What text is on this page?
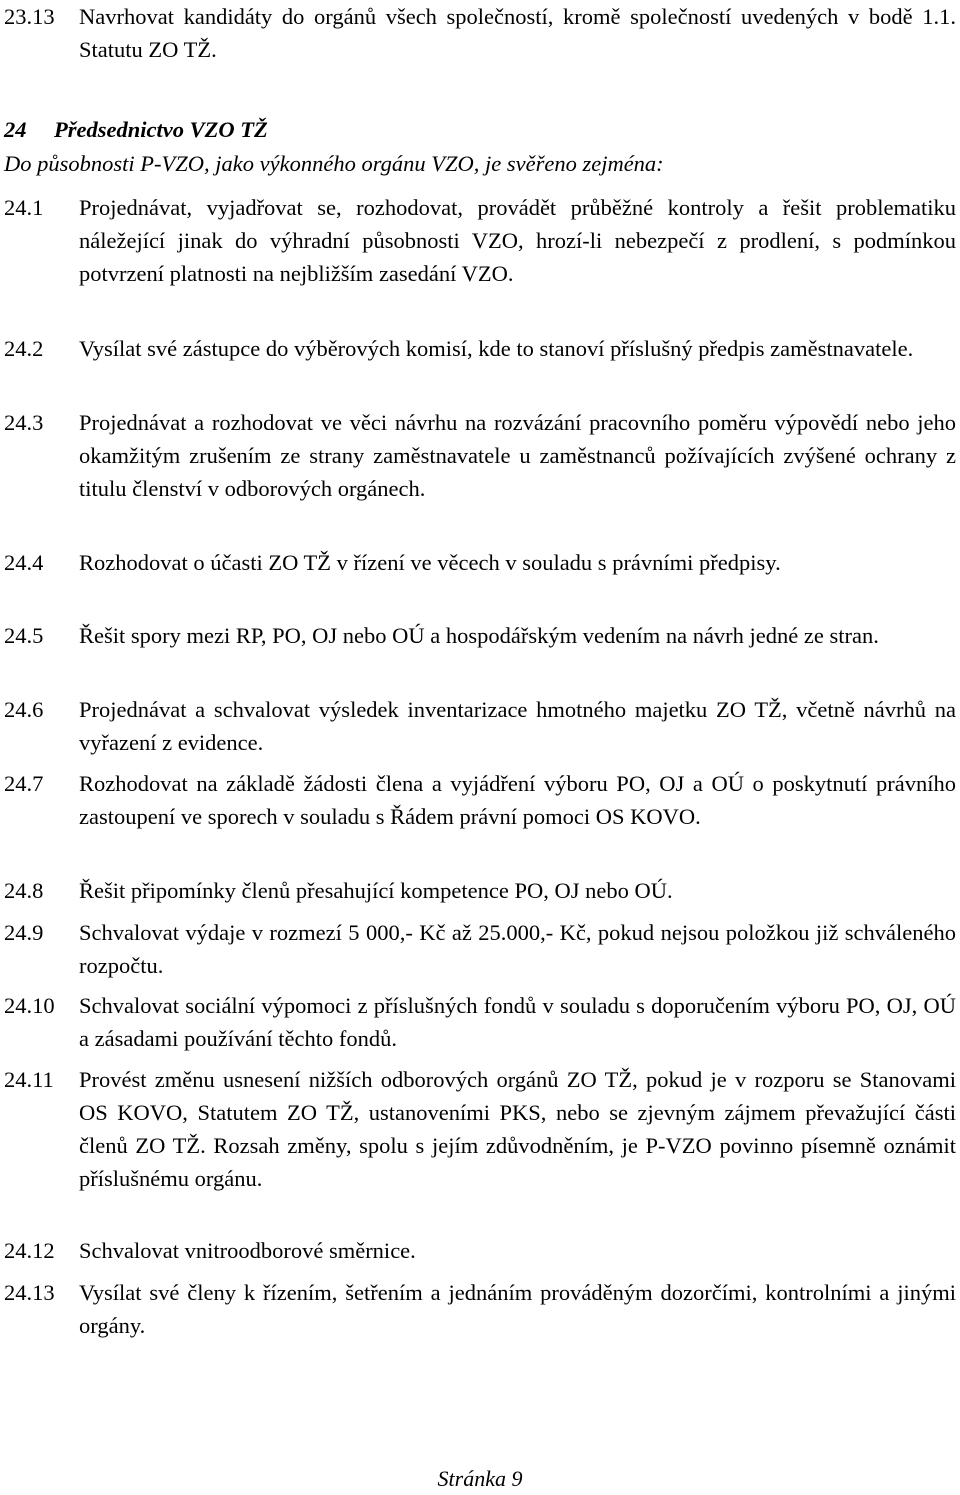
23.13 Navrhovat kandidáty do orgánů všech společností, kromě společností uvedených v bodě 1.1. Statutu ZO TŽ.
24 Předsednictvo VZO TŽ
Do působnosti P-VZO, jako výkonného orgánu VZO, je svěřeno zejména:
24.1 Projednávat, vyjadřovat se, rozhodovat, provádět průběžné kontroly a řešit problematiku náležející jinak do výhradní působnosti VZO, hrozí-li nebezpečí z prodlení, s podmínkou potvrzení platnosti na nejbližším zasedání VZO.
24.2 Vysílat své zástupce do výběrových komisí, kde to stanoví příslušný předpis zaměstnavatele.
24.3 Projednávat a rozhodovat ve věci návrhu na rozvázání pracovního poměru výpovědí nebo jeho okamžitým zrušením ze strany zaměstnavatele u zaměstnanců požívajících zvýšené ochrany z titulu členství v odborových orgánech.
24.4 Rozhodovat o účasti ZO TŽ v řízení ve věcech v souladu s právními předpisy.
24.5 Řešit spory mezi RP, PO, OJ nebo OÚ a hospodářským vedením na návrh jedné ze stran.
24.6 Projednávat a schvalovat výsledek inventarizace hmotného majetku ZO TŽ, včetně návrhů na vyřazení z evidence.
24.7 Rozhodovat na základě žádosti člena a vyjádření výboru PO, OJ a OÚ o poskytnutí právního zastoupení ve sporech v souladu s Řádem právní pomoci OS KOVO.
24.8 Řešit připomínky členů přesahující kompetence PO, OJ nebo OÚ.
24.9 Schvalovat výdaje v rozmezí 5 000,- Kč až 25.000,- Kč, pokud nejsou položkou již schváleného rozpočtu.
24.10 Schvalovat sociální výpomoci z příslušných fondů v souladu s doporučením výboru PO, OJ, OÚ a zásadami používání těchto fondů.
24.11 Provést změnu usnesení nižších odborových orgánů ZO TŽ, pokud je v rozporu se Stanovami OS KOVO, Statutem ZO TŽ, ustanoveními PKS, nebo se zjevným zájmem převažující části členů ZO TŽ. Rozsah změny, spolu s jejím zdůvodněním, je P-VZO povinno písemně oznámit příslušnému orgánu.
24.12 Schvalovat vnitroodborové směrnice.
24.13 Vysílat své členy k řízením, šetřením a jednáním prováděným dozorčími, kontrolními a jinými orgány.
Stránka 9
